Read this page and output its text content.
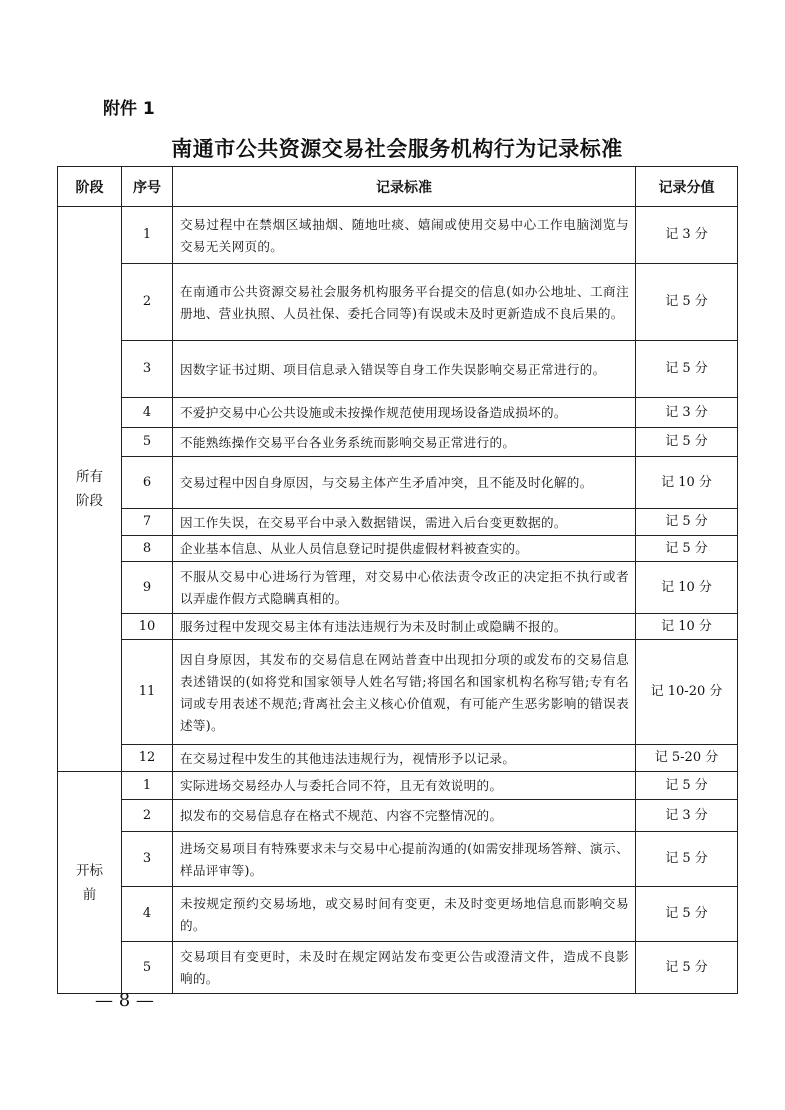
附件 1
南通市公共资源交易社会服务机构行为记录标准
阶段	序号	记录标准	记录分值
所有阶段	1	交易过程中在禁烟区域抽烟、随地吐痰、嬉闹或使用交易中心工作电脑浏览与交易无关网页的。	记 3 分
	2	在南通市公共资源交易社会服务机构服务平台提交的信息(如办公地址、工商注册地、营业执照、人员社保、委托合同等)有误或未及时更新造成不良后果的。	记 5 分
	3	因数字证书过期、项目信息录入错误等自身工作失误影响交易正常进行的。	记 5 分
	4	不爱护交易中心公共设施或未按操作规范使用现场设备造成损坏的。	记 3 分
	5	不能熟练操作交易平台各业务系统而影响交易正常进行的。	记 5 分
	6	交易过程中因自身原因，与交易主体产生矛盾冲突，且不能及时化解的。	记 10 分
	7	因工作失误，在交易平台中录入数据错误，需进入后台变更数据的。	记 5 分
	8	企业基本信息、从业人员信息登记时提供虚假材料被查实的。	记 5 分
	9	不服从交易中心进场行为管理，对交易中心依法责令改正的决定拒不执行或者以弄虚作假方式隐瞒真相的。	记 10 分
	10	服务过程中发现交易主体有违法违规行为未及时制止或隐瞒不报的。	记 10 分
	11	因自身原因，其发布的交易信息在网站普查中出现扣分项的或发布的交易信息表述错误的(如将党和国家领导人姓名写错;将国名和国家机构名称写错;专有名词或专用表述不规范;背离社会主义核心价值观，有可能产生恶劣影响的错误表述等)。	记 10-20 分
	12	在交易过程中发生的其他违法违规行为，视情形予以记录。	记 5-20 分
开标前	1	实际进场交易经办人与委托合同不符，且无有效说明的。	记 5 分
	2	拟发布的交易信息存在格式不规范、内容不完整情况的。	记 3 分
	3	进场交易项目有特殊要求未与交易中心提前沟通的(如需安排现场答辩、演示、样品评审等)。	记 5 分
	4	未按规定预约交易场地，或交易时间有变更，未及时变更场地信息而影响交易的。	记 5 分
	5	交易项目有变更时，未及时在规定网站发布变更公告或澄清文件，造成不良影响的。	记 5 分
— 8 —
